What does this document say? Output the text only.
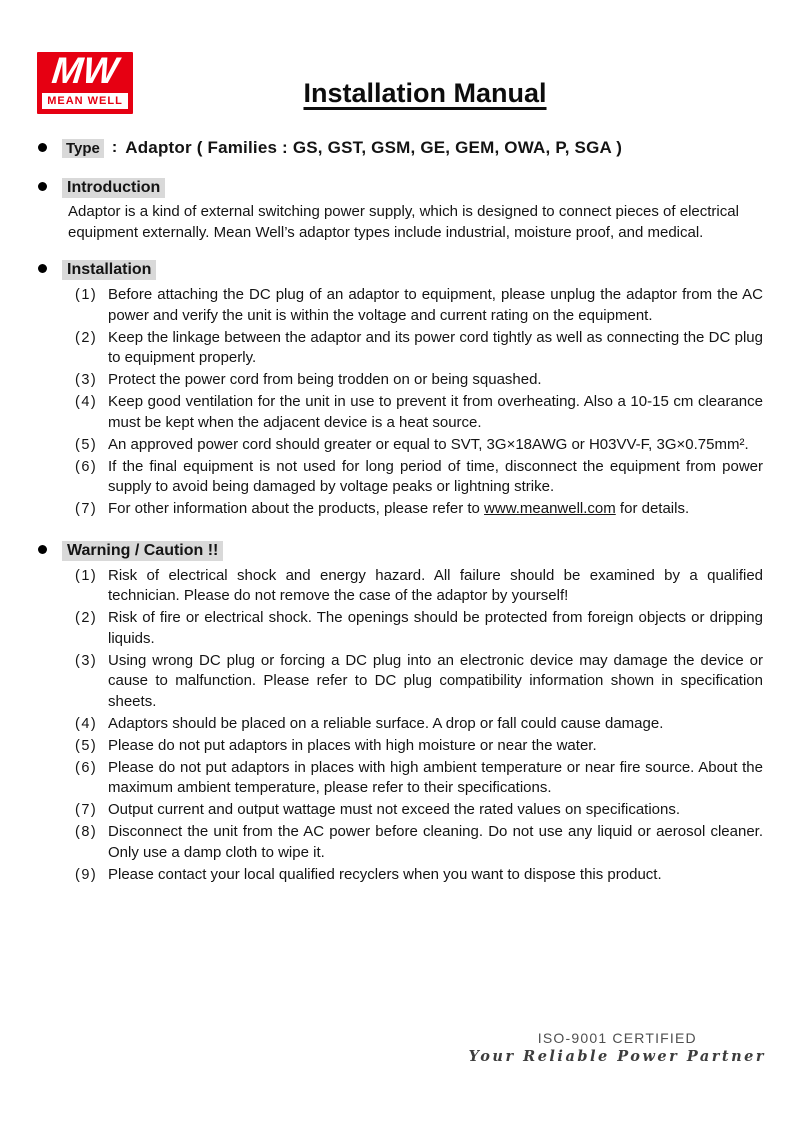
MW
MEAN WELL	Installation Manual
Type : Adaptor ( Families : GS, GST, GSM, GE, GEM, OWA, P, SGA )
Introduction
Adaptor is a kind of external switching power supply, which is designed to connect pieces of electrical equipment externally. Mean Well’s adaptor types include industrial, moisture proof, and medical.
Installation
(1) Before attaching the DC plug of an adaptor to equipment, please unplug the adaptor from the AC power and verify the unit is within the voltage and current rating on the equipment.
(2) Keep the linkage between the adaptor and its power cord tightly as well as connecting the DC plug to equipment properly.
(3) Protect the power cord from being trodden on or being squashed.
(4) Keep good ventilation for the unit in use to prevent it from overheating. Also a 10-15 cm clearance must be kept when the adjacent device is a heat source.
(5) An approved power cord should greater or equal to SVT, 3G×18AWG or H03VV-F, 3G×0.75mm².
(6) If the final equipment is not used for long period of time, disconnect the equipment from power supply to avoid being damaged by voltage peaks or lightning strike.
(7) For other information about the products, please refer to www.meanwell.com for details.
Warning / Caution !!
(1) Risk of electrical shock and energy hazard. All failure should be examined by a qualified technician. Please do not remove the case of the adaptor by yourself!
(2) Risk of fire or electrical shock. The openings should be protected from foreign objects or dripping liquids.
(3) Using wrong DC plug or forcing a DC plug into an electronic device may damage the device or cause to malfunction. Please refer to DC plug compatibility information shown in specification sheets.
(4) Adaptors should be placed on a reliable surface. A drop or fall could cause damage.
(5) Please do not put adaptors in places with high moisture or near the water.
(6) Please do not put adaptors in places with high ambient temperature or near fire source. About the maximum ambient temperature, please refer to their specifications.
(7) Output current and output wattage must not exceed the rated values on specifications.
(8) Disconnect the unit from the AC power before cleaning. Do not use any liquid or aerosol cleaner. Only use a damp cloth to wipe it.
(9) Please contact your local qualified recyclers when you want to dispose this product.
ISO-9001 CERTIFIED
Your Reliable Power Partner
